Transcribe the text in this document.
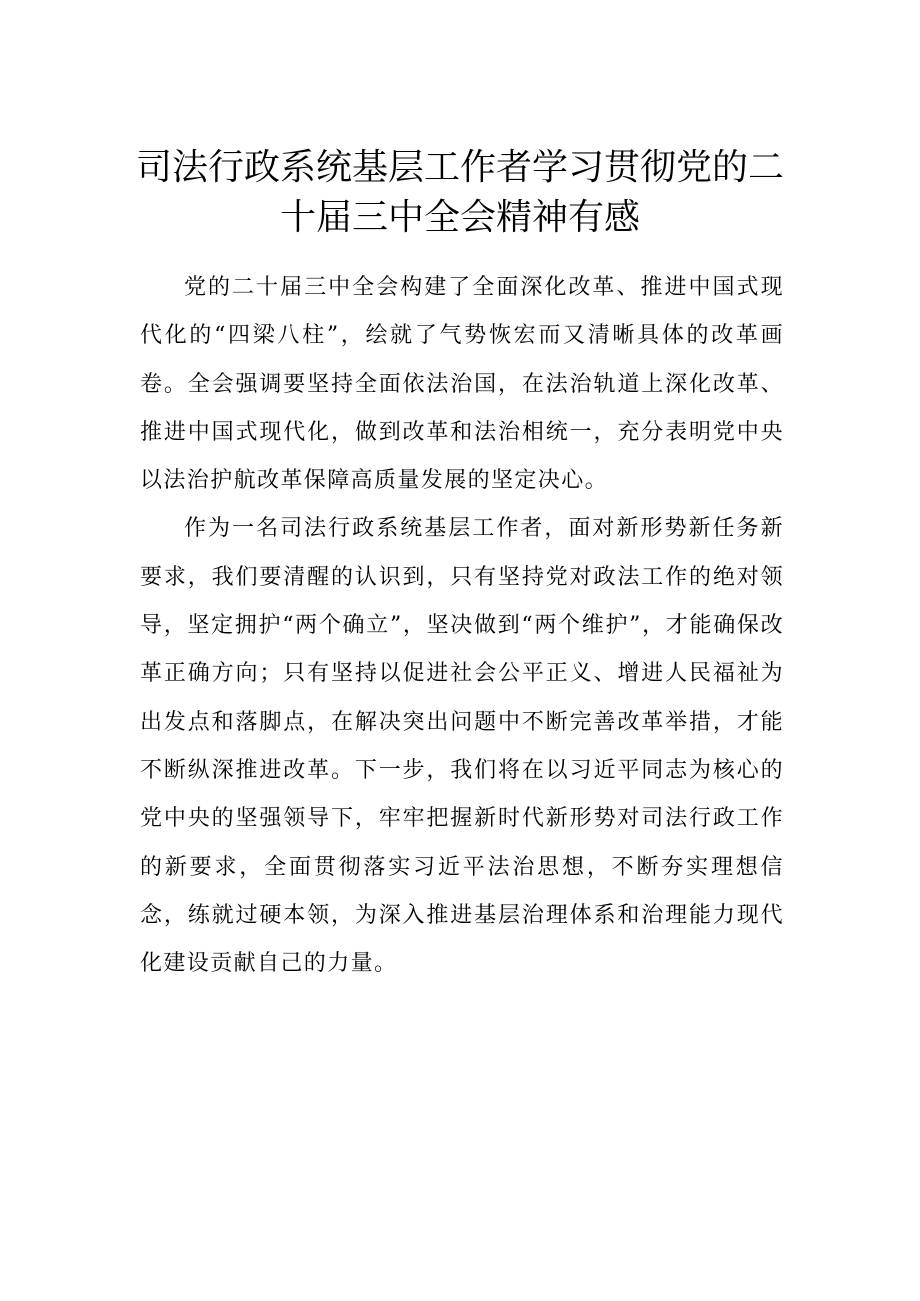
司法行政系统基层工作者学习贯彻党的二
十届三中全会精神有感

党的二十届三中全会构建了全面深化改革、推进中国式现代化的“四梁八柱”，绘就了气势恢宏而又清晰具体的改革画卷。全会强调要坚持全面依法治国，在法治轨道上深化改革、推进中国式现代化，做到改革和法治相统一，充分表明党中央以法治护航改革保障高质量发展的坚定决心。

作为一名司法行政系统基层工作者，面对新形势新任务新要求，我们要清醒的认识到，只有坚持党对政法工作的绝对领导，坚定拥护“两个确立”，坚决做到“两个维护”，才能确保改革正确方向；只有坚持以促进社会公平正义、增进人民福祉为出发点和落脚点，在解决突出问题中不断完善改革举措，才能不断纵深推进改革。下一步，我们将在以习近平同志为核心的党中央的坚强领导下，牢牢把握新时代新形势对司法行政工作的新要求，全面贯彻落实习近平法治思想，不断夯实理想信念，练就过硬本领，为深入推进基层治理体系和治理能力现代化建设贡献自己的力量。
